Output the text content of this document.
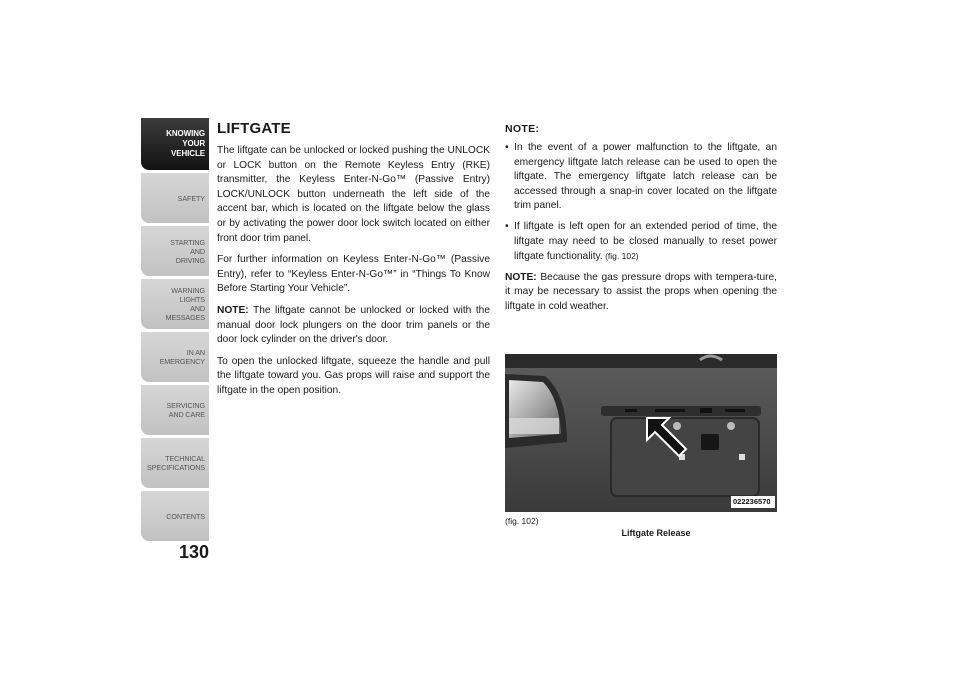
KNOWING
YOUR
VEHICLE
SAFETY
STARTING
AND
DRIVING
WARNING
LIGHTS
AND
MESSAGES
IN AN
EMERGENCY
SERVICING
AND CARE
TECHNICAL
SPECIFICATIONS
CONTENTS
130
LIFTGATE

The liftgate can be unlocked or locked pushing the UNLOCK or LOCK button on the Remote Keyless Entry (RKE) transmitter, the Keyless Enter-N-Go™ (Passive Entry) LOCK/UNLOCK button underneath the left side of the accent bar, which is located on the liftgate below the glass or by activating the power door lock switch located on either front door trim panel.

For further information on Keyless Enter-N-Go™ (Passive Entry), refer to “Keyless Enter-N-Go™” in “Things To Know Before Starting Your Vehicle”.

NOTE: The liftgate cannot be unlocked or locked with the manual door lock plungers on the door trim panels or the door lock cylinder on the driver's door.

To open the unlocked liftgate, squeeze the handle and pull the liftgate toward you. Gas props will raise and support the liftgate in the open position.

NOTE:
• In the event of a power malfunction to the liftgate, an emergency liftgate latch release can be used to open the liftgate. The emergency liftgate latch release can be accessed through a snap-in cover located on the liftgate trim panel.
• If liftgate is left open for an extended period of time, the liftgate may need to be closed manually to reset power liftgate functionality. (fig. 102)

NOTE: Because the gas pressure drops with tempera-ture, it may be necessary to assist the props when opening the liftgate in cold weather.

022236570
(fig. 102)
Liftgate Release
